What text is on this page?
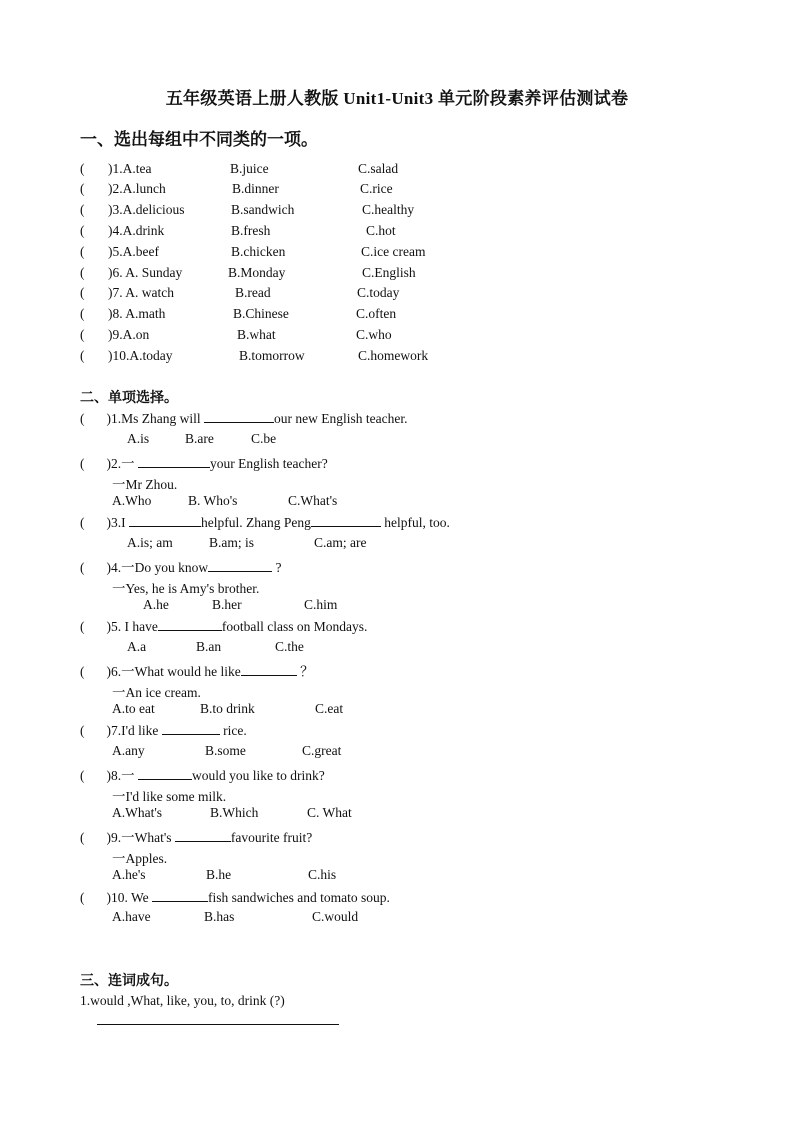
五年级英语上册人教版 Unit1-Unit3 单元阶段素养评估测试卷
一、选出每组中不同类的一项。
( )1.A.tea	B.juice	C.salad
( )2.A.lunch	B.dinner	C.rice
( )3.A.delicious	B.sandwich	C.healthy
( )4.A.drink	B.fresh	C.hot
( )5.A.beef	B.chicken	C.ice cream
( )6. A. Sunday	B.Monday	C.English
( )7. A. watch	B.read	C.today
( )8. A.math	B.Chinese	C.often
( )9.A.on	B.what	C.who
( )10.A.today	B.tomorrow	C.homework
二、单项选择。
( )1.Ms Zhang will	our new English teacher.
A.is	B.are	C.be
( )2.一	your English teacher?
一Mr Zhou.
A.Who	B. Who's	C.What's
( )3.I	helpful. Zhang Peng	helpful, too.
A.is; am	B.am; is	C.am; are
( )4.一Do you know	?
一Yes, he is Amy's brother.
A.he	B.her	C.him
( )5. I have	football class on Mondays.
A.a	B.an	C.the
( )6.一What would he like	？
一An ice cream.
A.to eat	B.to drink	C.eat
( )7.I'd like	rice.
A.any	B.some	C.great
( )8.一	would you like to drink?
一I'd like some milk.
A.What's	B.Which	C. What
( )9.一What's	favourite fruit?
一Apples.
A.he's	B.he	C.his
( )10. We	fish sandwiches and tomato soup.
A.have	B.has	C.would
三、连词成句。
1.would ,What, like, you, to, drink (?)
